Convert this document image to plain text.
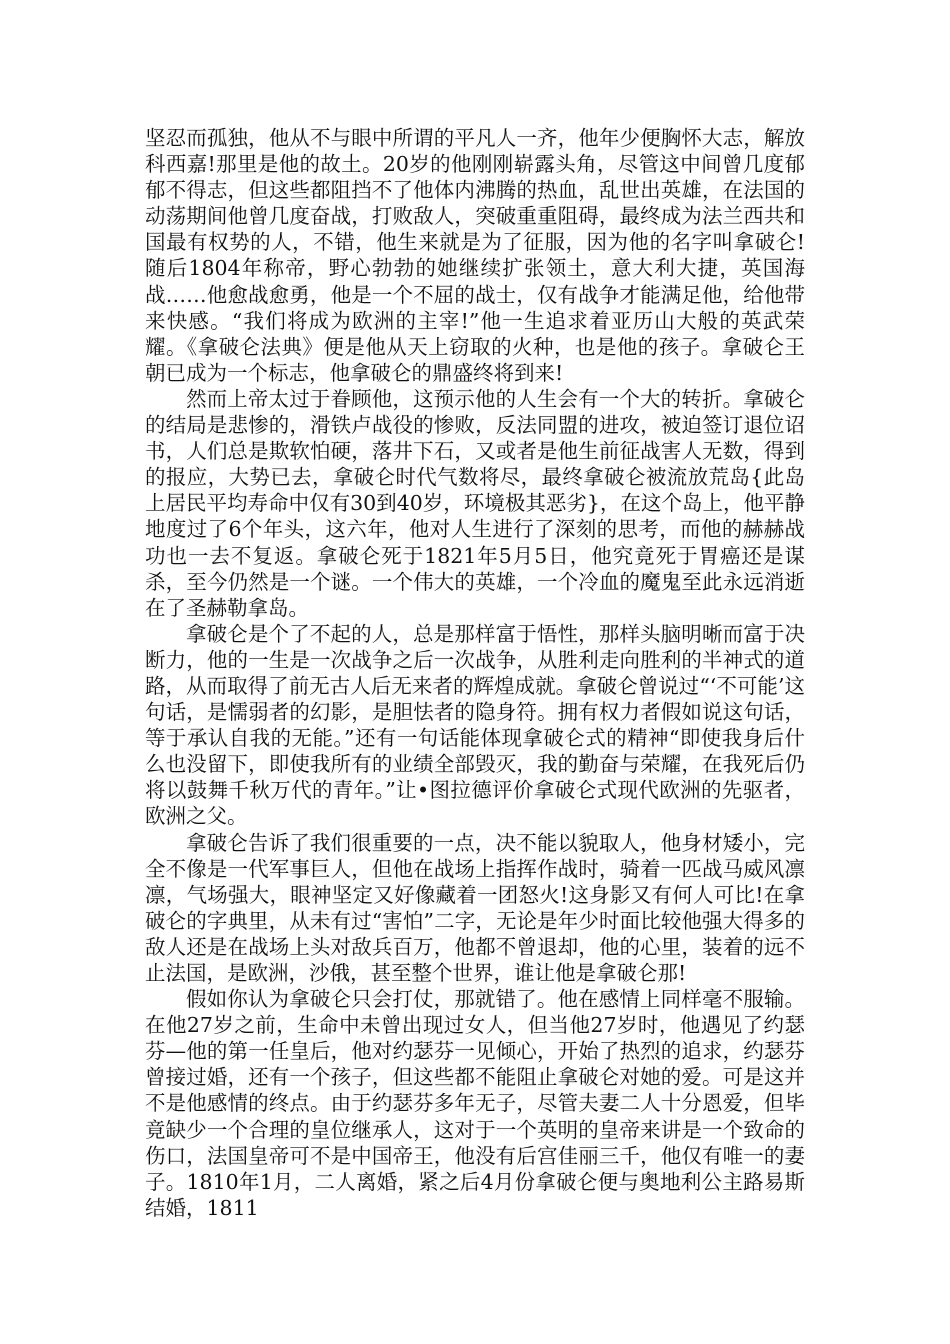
坚忍而孤独，他从不与眼中所谓的平凡人一齐，他年少便胸怀大志，解放科西嘉!那里是他的故土。20岁的他刚刚崭露头角，尽管这中间曾几度郁郁不得志，但这些都阻挡不了他体内沸腾的热血，乱世出英雄，在法国的动荡期间他曾几度奋战，打败敌人，突破重重阻碍，最终成为法兰西共和国最有权势的人，不错，他生来就是为了征服，因为他的名字叫拿破仑!随后1804年称帝，野心勃勃的她继续扩张领土，意大利大捷，英国海战……他愈战愈勇，他是一个不屈的战士，仅有战争才能满足他，给他带来快感。“我们将成为欧洲的主宰!”他一生追求着亚历山大般的英武荣耀。《拿破仑法典》便是他从天上窃取的火种，也是他的孩子。拿破仑王朝已成为一个标志，他拿破仑的鼎盛终将到来!

然而上帝太过于眷顾他，这预示他的人生会有一个大的转折。拿破仑的结局是悲惨的，滑铁卢战役的惨败，反法同盟的进攻，被迫签订退位诏书，人们总是欺软怕硬，落井下石，又或者是他生前征战害人无数，得到的报应，大势已去，拿破仑时代气数将尽，最终拿破仑被流放荒岛{此岛上居民平均寿命中仅有30到40岁，环境极其恶劣}，在这个岛上，他平静地度过了6个年头，这六年，他对人生进行了深刻的思考，而他的赫赫战功也一去不复返。拿破仑死于1821年5月5日，他究竟死于胃癌还是谋杀，至今仍然是一个谜。一个伟大的英雄，一个冷血的魔鬼至此永远消逝在了圣赫勒拿岛。

拿破仑是个了不起的人，总是那样富于悟性，那样头脑明晰而富于决断力，他的一生是一次战争之后一次战争，从胜利走向胜利的半神式的道路，从而取得了前无古人后无来者的辉煌成就。拿破仑曾说过“‘不可能’这句话，是懦弱者的幻影，是胆怯者的隐身符。拥有权力者假如说这句话，等于承认自我的无能。”还有一句话能体现拿破仑式的精神“即使我身后什么也没留下，即使我所有的业绩全部毁灭，我的勤奋与荣耀，在我死后仍将以鼓舞千秋万代的青年。”让•图拉德评价拿破仑式现代欧洲的先驱者，欧洲之父。

拿破仑告诉了我们很重要的一点，决不能以貌取人，他身材矮小，完全不像是一代军事巨人，但他在战场上指挥作战时，骑着一匹战马威风凛凛，气场强大，眼神坚定又好像藏着一团怒火!这身影又有何人可比!在拿破仑的字典里，从未有过“害怕”二字，无论是年少时面比较他强大得多的敌人还是在战场上头对敌兵百万，他都不曾退却，他的心里，装着的远不止法国，是欧洲，沙俄，甚至整个世界，谁让他是拿破仑那!

假如你认为拿破仑只会打仗，那就错了。他在感情上同样毫不服输。在他27岁之前，生命中未曾出现过女人，但当他27岁时，他遇见了约瑟芬—他的第一任皇后，他对约瑟芬一见倾心，开始了热烈的追求，约瑟芬曾接过婚，还有一个孩子，但这些都不能阻止拿破仑对她的爱。可是这并不是他感情的终点。由于约瑟芬多年无子，尽管夫妻二人十分恩爱，但毕竟缺少一个合理的皇位继承人，这对于一个英明的皇帝来讲是一个致命的伤口，法国皇帝可不是中国帝王，他没有后宫佳丽三千，他仅有唯一的妻子。1810年1月，二人离婚，紧之后4月份拿破仑便与奥地利公主路易斯结婚，1811
